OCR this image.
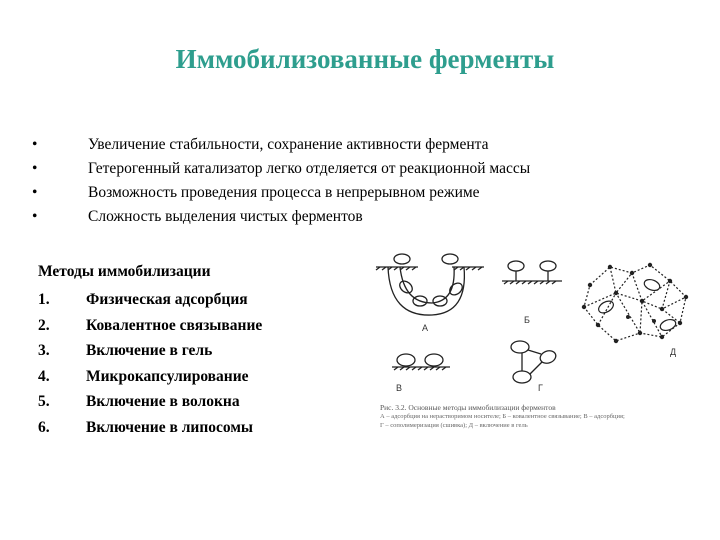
Иммобилизованные ферменты
•	Увеличение стабильности, сохранение активности фермента
•	Гетерогенный катализатор легко отделяется от реакционной массы
•	Возможность проведения процесса в непрерывном режиме
•	Сложность выделения чистых ферментов
Методы иммобилизации
1. Физическая адсорбция
2. Ковалентное связывание
3. Включение в гель
4. Микрокапсулирование
5. Включение в волокна
6. Включение в липосомы
А
Б
В	Г
Д
Рис. 3.2. Основные методы иммобилизации ферментов
А – адсорбция на нерастворимом носителе; Б – ковалентное связывание; В – адсорбция;
Г – сополимеризация (сшивка); Д – включение в гель
